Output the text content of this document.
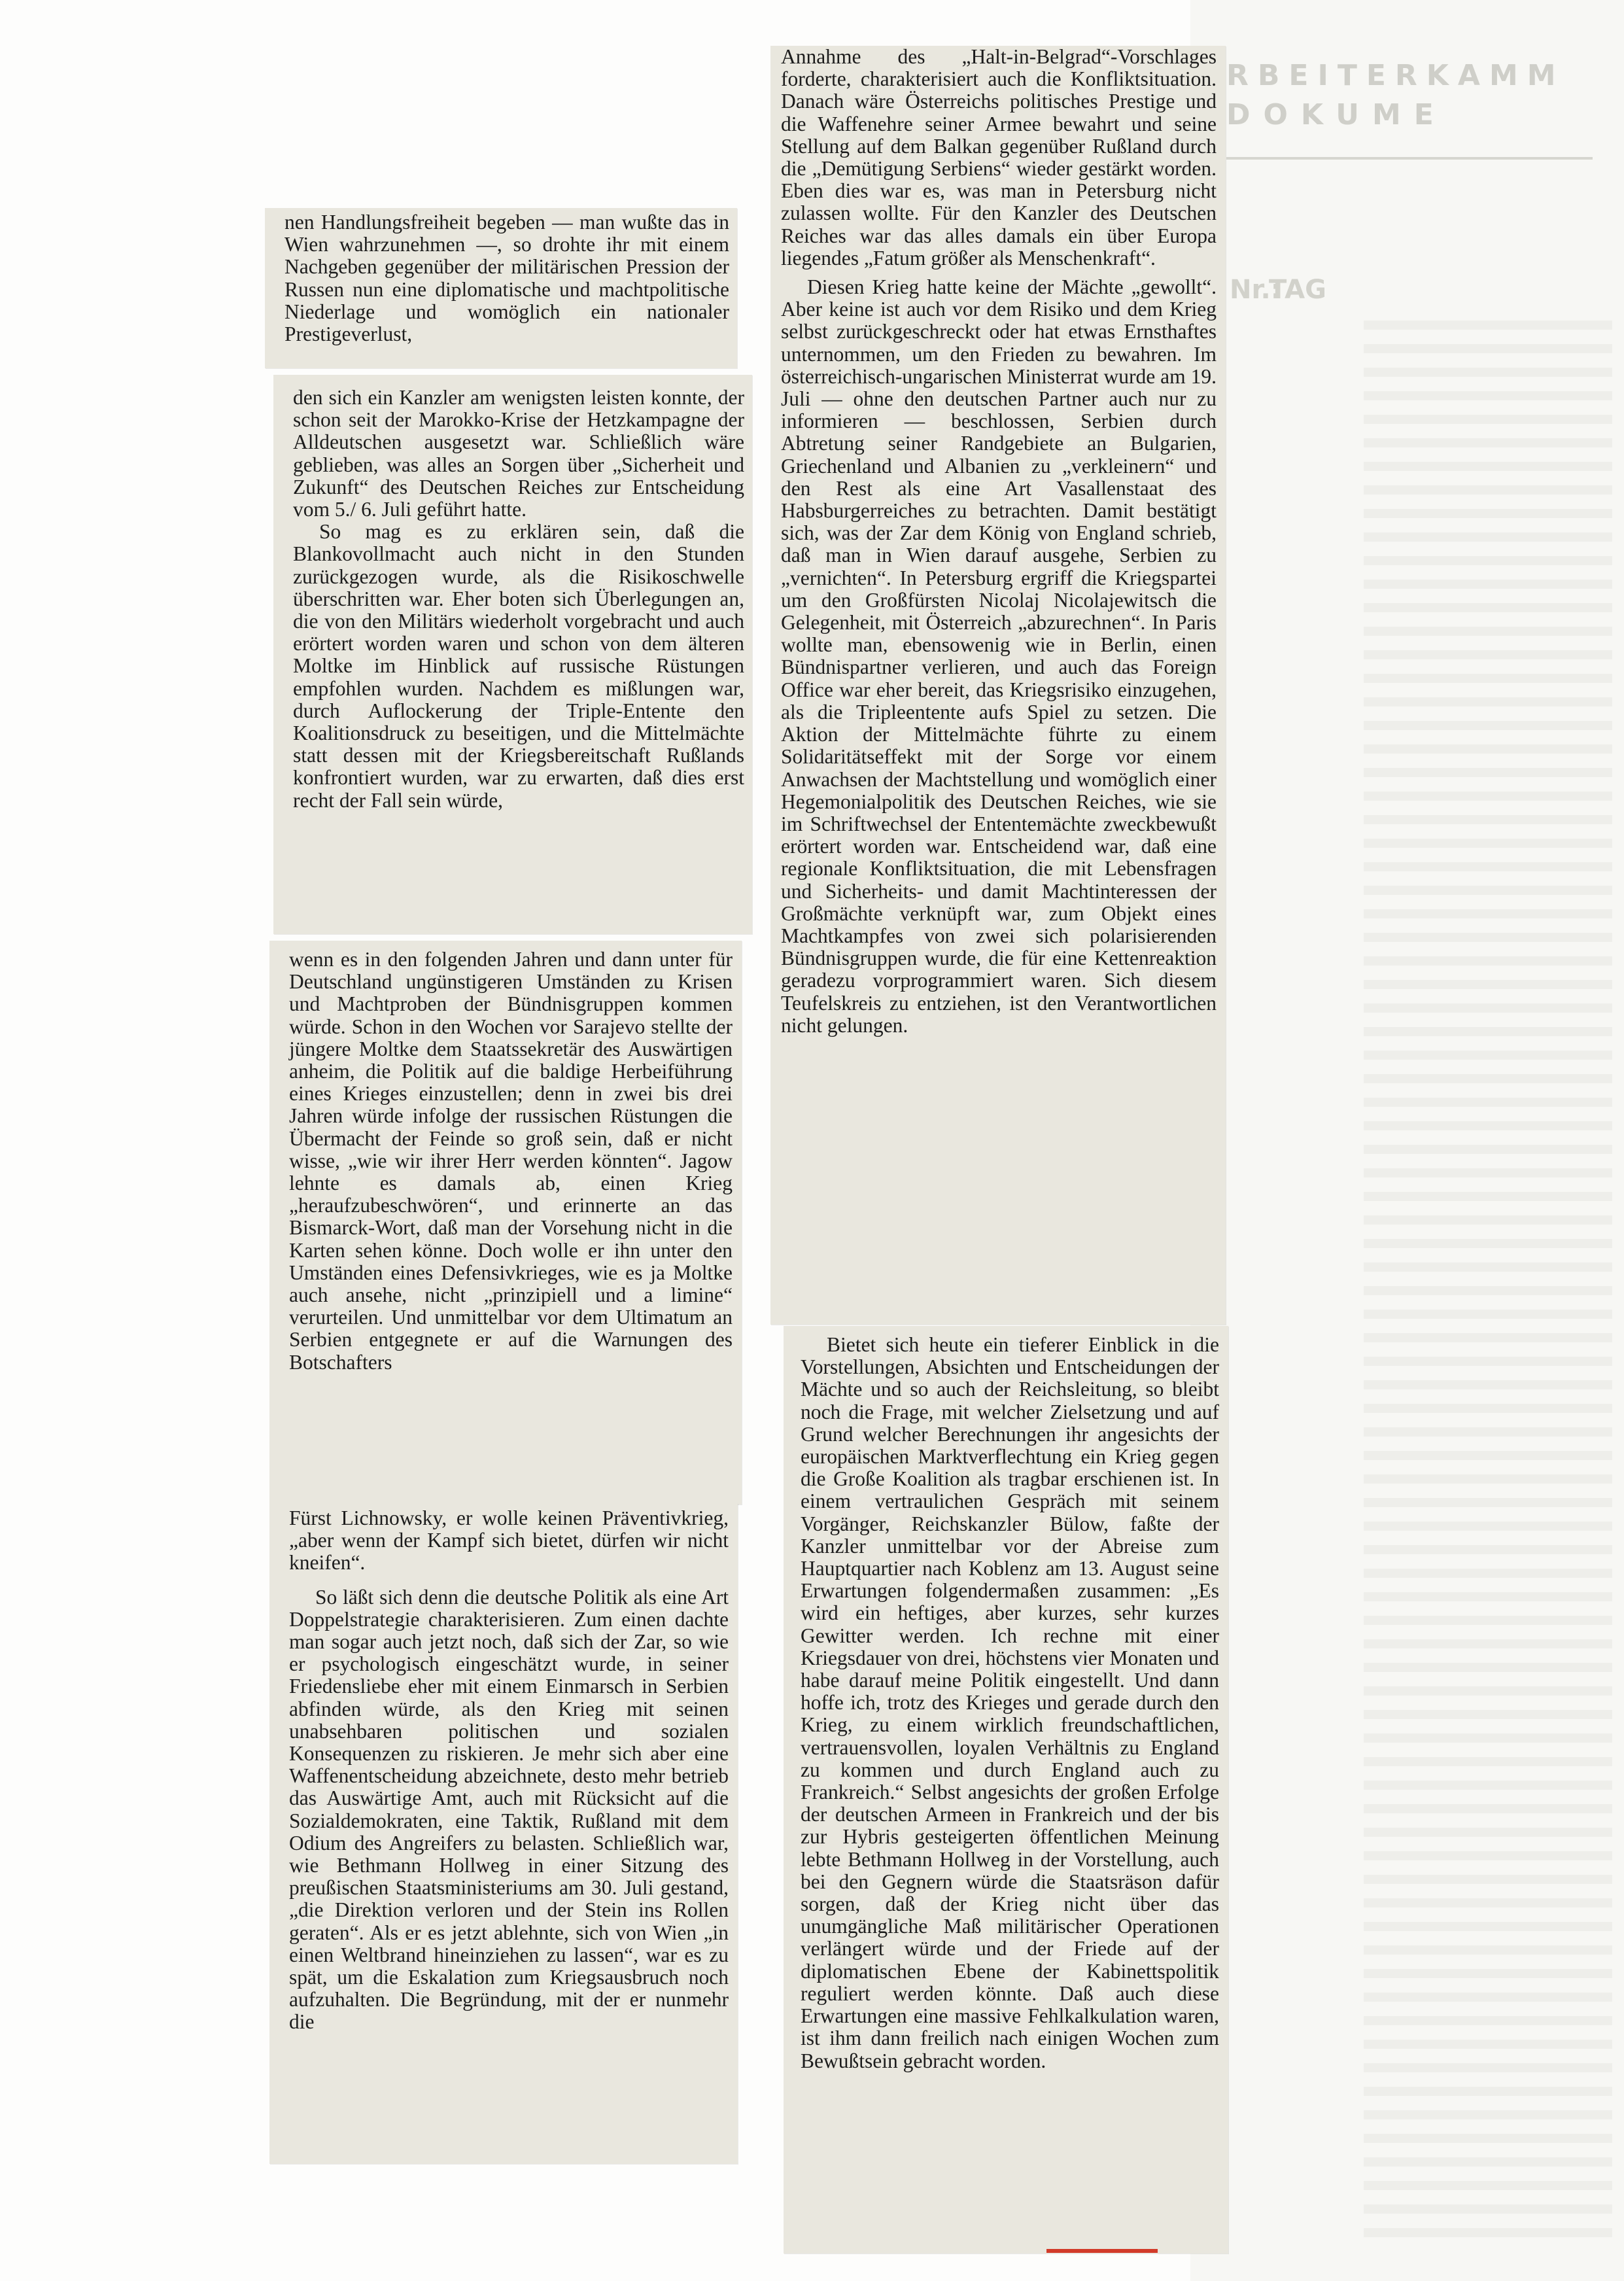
RBEITERKAMM
DOKUME
Nr.:
TAG

nen Handlungsfreiheit begeben — man wußte das in Wien wahrzunehmen —, so drohte ihr mit einem Nachgeben gegenüber der militärischen Pression der Russen nun eine diplomatische und machtpolitische Niederlage und womöglich ein nationaler Prestigeverlust,

den sich ein Kanzler am wenigsten leisten konnte, der schon seit der Marokko-Krise der Hetzkampagne der Alldeutschen ausgesetzt war. Schließlich wäre geblieben, was alles an Sorgen über „Sicherheit und Zukunft“ des Deutschen Reiches zur Entscheidung vom 5./ 6. Juli geführt hatte.

So mag es zu erklären sein, daß die Blankovollmacht auch nicht in den Stunden zurückgezogen wurde, als die Risikoschwelle überschritten war. Eher boten sich Überlegungen an, die von den Militärs wiederholt vorgebracht und auch erörtert worden waren und schon von dem älteren Moltke im Hinblick auf russische Rüstungen empfohlen wurden. Nachdem es mißlungen war, durch Auflockerung der Triple-Entente den Koalitionsdruck zu beseitigen, und die Mittelmächte statt dessen mit der Kriegsbereitschaft Rußlands konfrontiert wurden, war zu erwarten, daß dies erst recht der Fall sein würde,

wenn es in den folgenden Jahren und dann unter für Deutschland ungünstigeren Umständen zu Krisen und Machtproben der Bündnisgruppen kommen würde. Schon in den Wochen vor Sarajevo stellte der jüngere Moltke dem Staatssekretär des Auswärtigen anheim, die Politik auf die baldige Herbeiführung eines Krieges einzustellen; denn in zwei bis drei Jahren würde infolge der russischen Rüstungen die Übermacht der Feinde so groß sein, daß er nicht wisse, „wie wir ihrer Herr werden könnten“. Jagow lehnte es damals ab, einen Krieg „heraufzubeschwören“, und erinnerte an das Bismarck-Wort, daß man der Vorsehung nicht in die Karten sehen könne. Doch wolle er ihn unter den Umständen eines Defensivkrieges, wie es ja Moltke auch ansehe, nicht „prinzipiell und a limine“ verurteilen. Und unmittelbar vor dem Ultimatum an Serbien entgegnete er auf die Warnungen des Botschafters

Fürst Lichnowsky, er wolle keinen Präventivkrieg, „aber wenn der Kampf sich bietet, dürfen wir nicht kneifen“.

So läßt sich denn die deutsche Politik als eine Art Doppelstrategie charakterisieren. Zum einen dachte man sogar auch jetzt noch, daß sich der Zar, so wie er psychologisch eingeschätzt wurde, in seiner Friedensliebe eher mit einem Einmarsch in Serbien abfinden würde, als den Krieg mit seinen unabsehbaren politischen und sozialen Konsequenzen zu riskieren. Je mehr sich aber eine Waffenentscheidung abzeichnete, desto mehr betrieb das Auswärtige Amt, auch mit Rücksicht auf die Sozialdemokraten, eine Taktik, Rußland mit dem Odium des Angreifers zu belasten. Schließlich war, wie Bethmann Hollweg in einer Sitzung des preußischen Staatsministeriums am 30. Juli gestand, „die Direktion verloren und der Stein ins Rollen geraten“. Als er es jetzt ablehnte, sich von Wien „in einen Weltbrand hineinziehen zu lassen“, war es zu spät, um die Eskalation zum Kriegsausbruch noch aufzuhalten. Die Begründung, mit der er nunmehr die

Annahme des „Halt-in-Belgrad“-Vorschlages forderte, charakterisiert auch die Konfliktsituation. Danach wäre Österreichs politisches Prestige und die Waffenehre seiner Armee bewahrt und seine Stellung auf dem Balkan gegenüber Rußland durch die „Demütigung Serbiens“ wieder gestärkt worden. Eben dies war es, was man in Petersburg nicht zulassen wollte. Für den Kanzler des Deutschen Reiches war das alles damals ein über Europa liegendes „Fatum größer als Menschenkraft“.

Diesen Krieg hatte keine der Mächte „gewollt“. Aber keine ist auch vor dem Risiko und dem Krieg selbst zurückgeschreckt oder hat etwas Ernsthaftes unternommen, um den Frieden zu bewahren. Im österreichisch-ungarischen Ministerrat wurde am 19. Juli — ohne den deutschen Partner auch nur zu informieren — beschlossen, Serbien durch Abtretung seiner Randgebiete an Bulgarien, Griechenland und Albanien zu „verkleinern“ und den Rest als eine Art Vasallenstaat des Habsburgerreiches zu betrachten. Damit bestätigt sich, was der Zar dem König von England schrieb, daß man in Wien darauf ausgehe, Serbien zu „vernichten“. In Petersburg ergriff die Kriegspartei um den Großfürsten Nicolaj Nicolajewitsch die Gelegenheit, mit Österreich „abzurechnen“. In Paris wollte man, ebensowenig wie in Berlin, einen Bündnispartner verlieren, und auch das Foreign Office war eher bereit, das Kriegsrisiko einzugehen, als die Tripleentente aufs Spiel zu setzen. Die Aktion der Mittelmächte führte zu einem Solidaritätseffekt mit der Sorge vor einem Anwachsen der Machtstellung und womöglich einer Hegemonialpolitik des Deutschen Reiches, wie sie im Schriftwechsel der Ententemächte zweckbewußt erörtert worden war. Entscheidend war, daß eine regionale Konfliktsituation, die mit Lebensfragen und Sicherheits- und damit Machtinteressen der Großmächte verknüpft war, zum Objekt eines Machtkampfes von zwei sich polarisierenden Bündnisgruppen wurde, die für eine Kettenreaktion geradezu vorprogrammiert waren. Sich diesem Teufelskreis zu entziehen, ist den Verantwortlichen nicht gelungen.

Bietet sich heute ein tieferer Einblick in die Vorstellungen, Absichten und Entscheidungen der Mächte und so auch der Reichsleitung, so bleibt noch die Frage, mit welcher Zielsetzung und auf Grund welcher Berechnungen ihr angesichts der europäischen Marktverflechtung ein Krieg gegen die Große Koalition als tragbar erschienen ist. In einem vertraulichen Gespräch mit seinem Vorgänger, Reichskanzler Bülow, faßte der Kanzler unmittelbar vor der Abreise zum Hauptquartier nach Koblenz am 13. August seine Erwartungen folgendermaßen zusammen: „Es wird ein heftiges, aber kurzes, sehr kurzes Gewitter werden. Ich rechne mit einer Kriegsdauer von drei, höchstens vier Monaten und habe darauf meine Politik eingestellt. Und dann hoffe ich, trotz des Krieges und gerade durch den Krieg, zu einem wirklich freundschaftlichen, vertrauensvollen, loyalen Verhältnis zu England zu kommen und durch England auch zu Frankreich.“ Selbst angesichts der großen Erfolge der deutschen Armeen in Frankreich und der bis zur Hybris gesteigerten öffentlichen Meinung lebte Bethmann Hollweg in der Vorstellung, auch bei den Gegnern würde die Staatsräson dafür sorgen, daß der Krieg nicht über das unumgängliche Maß militärischer Operationen verlängert würde und der Friede auf der diplomatischen Ebene der Kabinettspolitik reguliert werden könnte. Daß auch diese Erwartungen eine massive Fehlkalkulation waren, ist ihm dann freilich nach einigen Wochen zum Bewußtsein gebracht worden.
